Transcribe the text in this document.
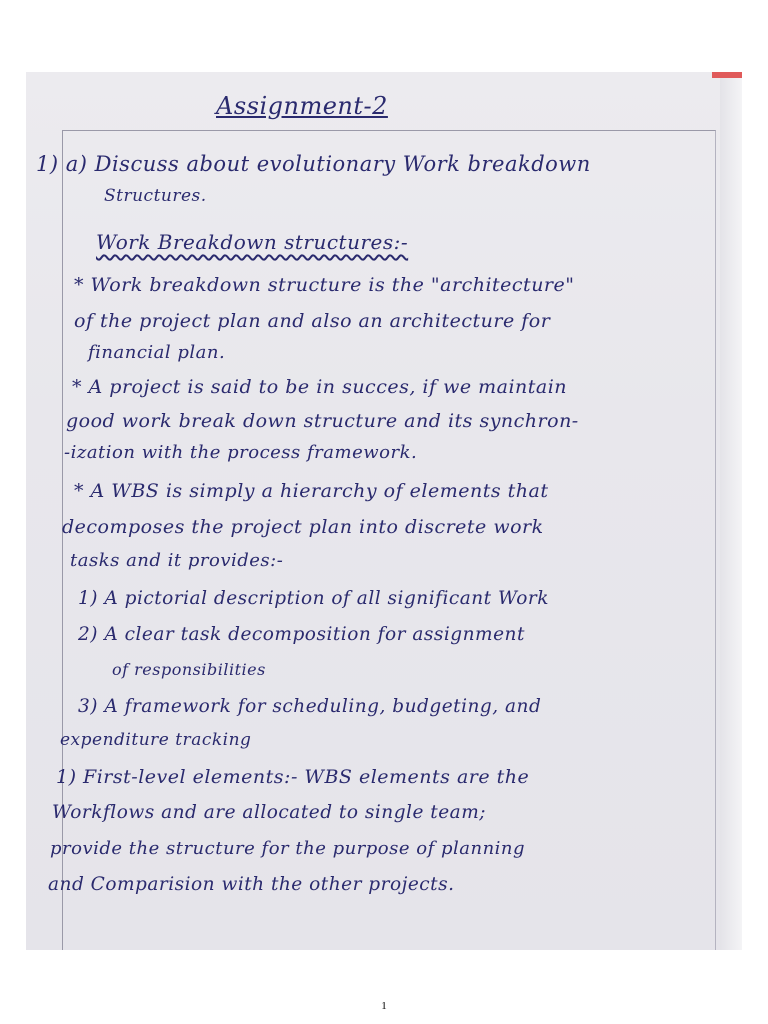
Assignment-2
1) a) Discuss about evolutionary Work breakdown
Structures.
Work Breakdown structures:-
* Work breakdown structure is the "architecture"
of the project plan and also an architecture for
financial plan.
* A project is said to be in succes, if we maintain
good work break down structure and its synchron-
-ization with the process framework.
* A WBS is simply a hierarchy of elements that
decomposes the project plan into discrete work
tasks and it provides:-
1) A pictorial description of all significant Work
2) A clear task decomposition for assignment
of responsibilities
3) A framework for scheduling, budgeting, and
expenditure tracking
1) First-level elements:- WBS elements are the
Workflows and are allocated to single team;
provide the structure for the purpose of planning
and Comparision with the other projects.
1
